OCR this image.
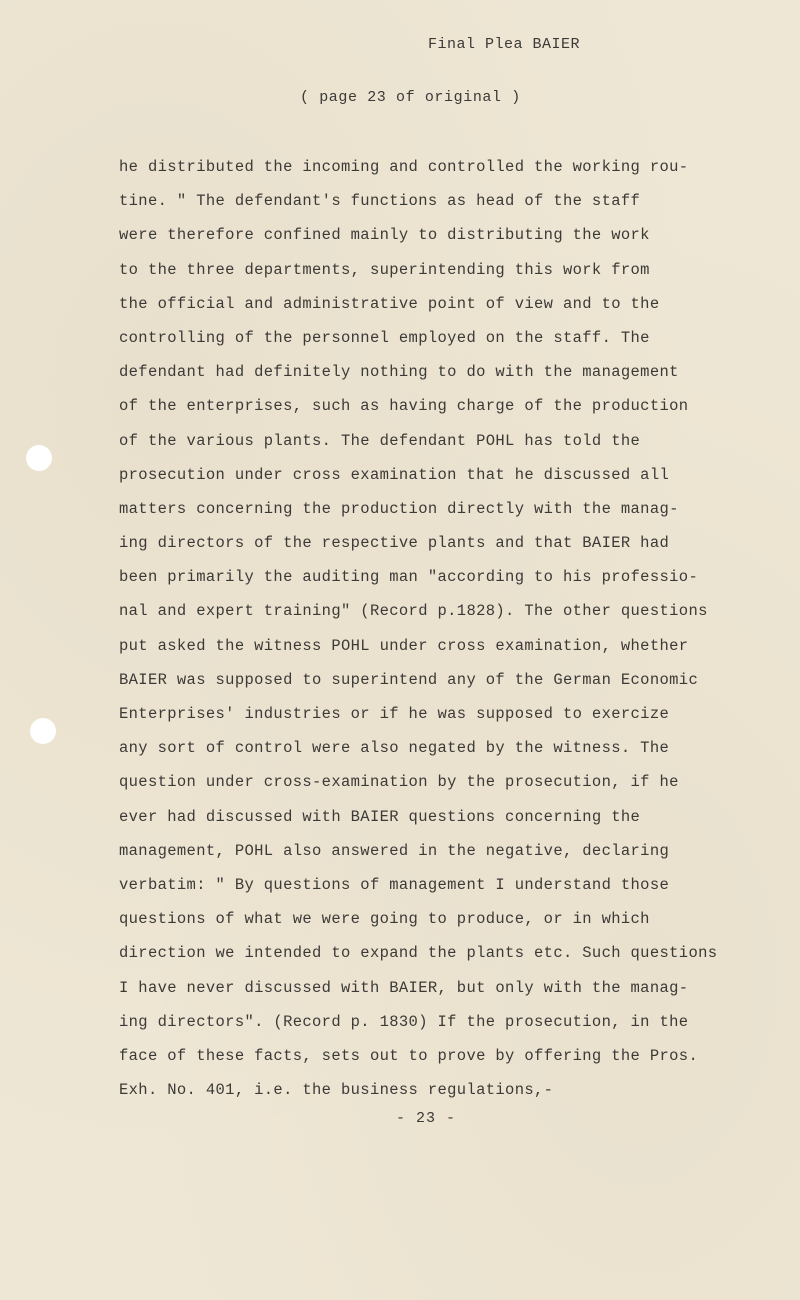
Final Plea BAIER
( page 23 of original )
he distributed the incoming and controlled the working rou-
tine. " The defendant's functions as head of the staff
were therefore confined mainly to distributing the work
to the three departments, superintending this work from
the official and administrative point of view and to the
controlling of the personnel employed on the staff. The
defendant had definitely nothing to do with the management
of the enterprises, such as having charge of the production
of the various plants. The defendant POHL has told the
prosecution under cross examination that he discussed all
matters concerning the production directly with the manag-
ing directors of the respective plants and that BAIER had
been primarily the auditing man "according to his professio-
nal and expert training" (Record p.1828). The other questions
put asked the witness POHL under cross examination, whether
BAIER was supposed to superintend any of the German Economic
Enterprises' industries or if he was supposed to exercize
any sort of control were also negated by the witness. The
question under cross-examination by the prosecution, if he
ever had discussed with BAIER questions concerning the
management, POHL also answered in the negative, declaring
verbatim: " By questions of management I understand those
questions of what we were going to produce, or in which
direction we intended to expand the plants etc. Such questions
I have never discussed with BAIER, but only with the manag-
ing directors". (Record p. 1830) If the prosecution, in the
face of these facts, sets out to prove by offering the Pros.
Exh. No. 401, i.e. the business regulations,-
- 23 -
